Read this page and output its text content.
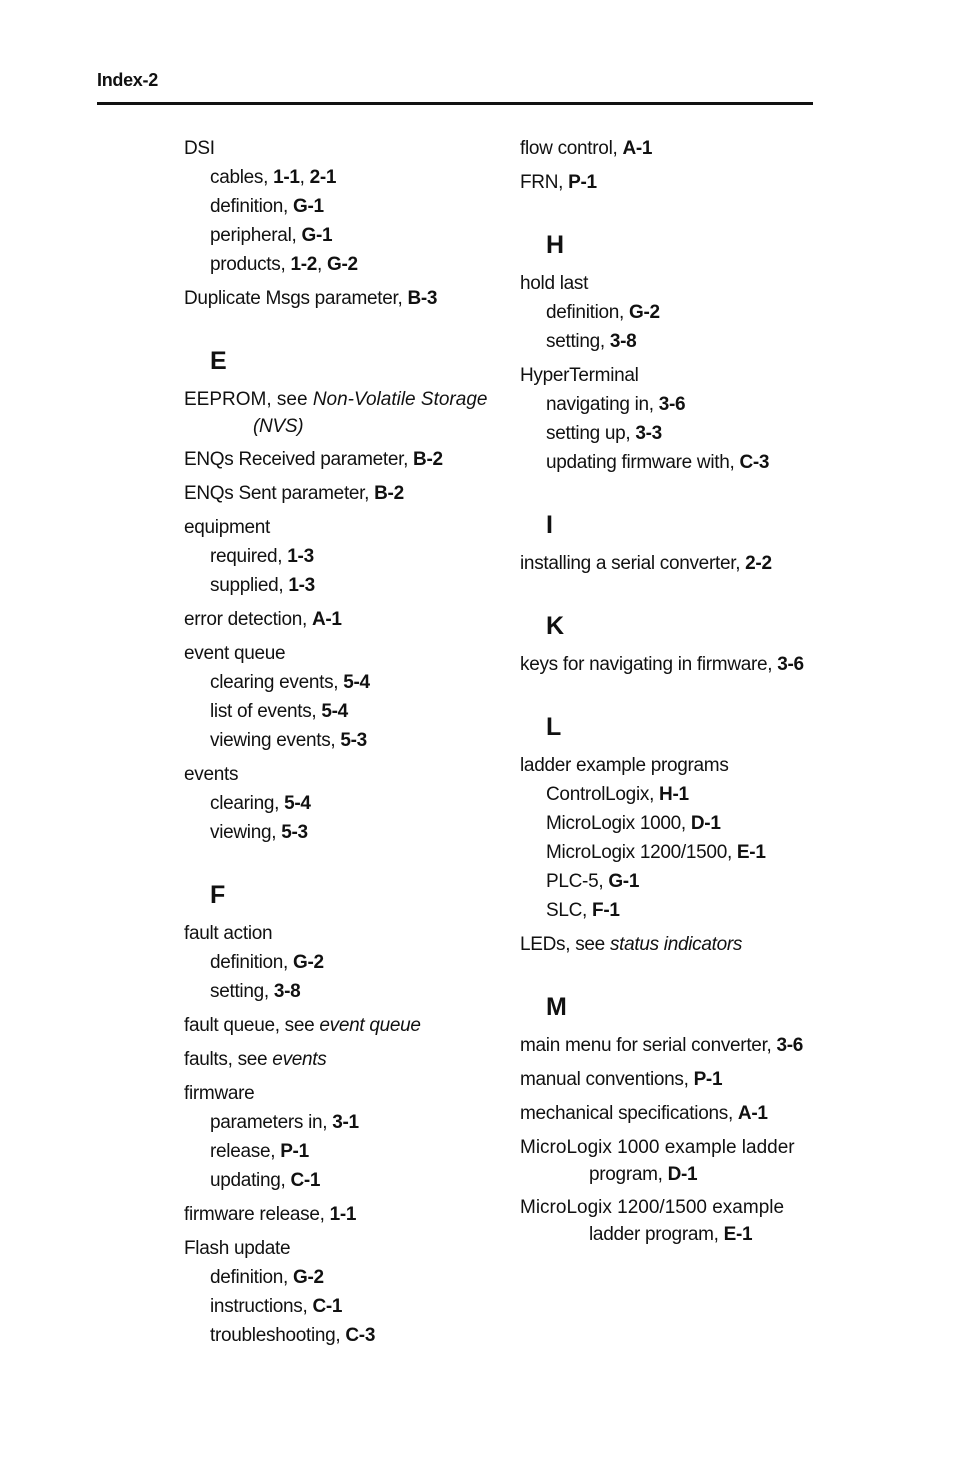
Index-2
DSI
cables, 1-1, 2-1
definition, G-1
peripheral, G-1
products, 1-2, G-2
Duplicate Msgs parameter, B-3
E
EEPROM, see Non-Volatile Storage
(NVS)
ENQs Received parameter, B-2
ENQs Sent parameter, B-2
equipment
required, 1-3
supplied, 1-3
error detection, A-1
event queue
clearing events, 5-4
list of events, 5-4
viewing events, 5-3
events
clearing, 5-4
viewing, 5-3
F
fault action
definition, G-2
setting, 3-8
fault queue, see event queue
faults, see events
firmware
parameters in, 3-1
release, P-1
updating, C-1
firmware release, 1-1
Flash update
definition, G-2
instructions, C-1
troubleshooting, C-3
flow control, A-1
FRN, P-1
H
hold last
definition, G-2
setting, 3-8
HyperTerminal
navigating in, 3-6
setting up, 3-3
updating firmware with, C-3
I
installing a serial converter, 2-2
K
keys for navigating in firmware, 3-6
L
ladder example programs
ControlLogix, H-1
MicroLogix 1000, D-1
MicroLogix 1200/1500, E-1
PLC-5, G-1
SLC, F-1
LEDs, see status indicators
M
main menu for serial converter, 3-6
manual conventions, P-1
mechanical specifications, A-1
MicroLogix 1000 example ladder
program, D-1
MicroLogix 1200/1500 example
ladder program, E-1
